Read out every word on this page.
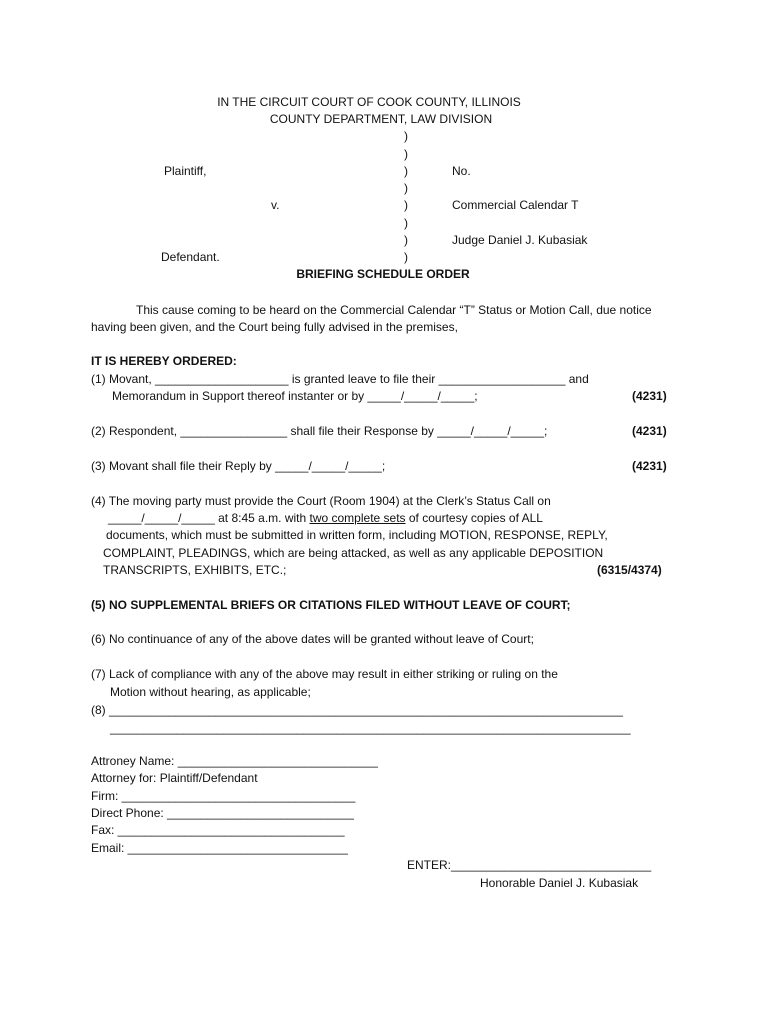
IN THE CIRCUIT COURT OF COOK COUNTY, ILLINOIS
COUNTY DEPARTMENT, LAW DIVISION
)
)
)
)
)
)
)
)
Plaintiff,
v.
Defendant.
No.
Commercial Calendar T
Judge Daniel J. Kubasiak
BRIEFING SCHEDULE ORDER
This cause coming to be heard on the Commercial Calendar “T” Status or Motion Call, due notice
having been given, and the Court being fully advised in the premises,
IT IS HEREBY ORDERED:
(1) Movant, ____________________ is granted leave to file their ___________________ and
Memorandum in Support thereof instanter or by _____/_____/_____;	(4231)
(2) Respondent, ________________ shall file their Response by _____/_____/_____;	(4231)
(3) Movant shall file their Reply by _____/_____/_____;	(4231)
(4) The moving party must provide the Court (Room 1904) at the Clerk’s Status Call on
_____/_____/_____ at 8:45 a.m. with two complete sets of courtesy copies of ALL
documents, which must be submitted in written form, including MOTION, RESPONSE, REPLY,
COMPLAINT, PLEADINGS, which are being attacked, as well as any applicable DEPOSITION
TRANSCRIPTS, EXHIBITS, ETC.;	(6315/4374)
(5) NO SUPPLEMENTAL BRIEFS OR CITATIONS FILED WITHOUT LEAVE OF COURT;
(6) No continuance of any of the above dates will be granted without leave of Court;
(7) Lack of compliance with any of the above may result in either striking or ruling on the
Motion without hearing, as applicable;
(8) _____________________________________________________________________________
______________________________________________________________________________
Attroney Name: ______________________________
Attorney for: Plaintiff/Defendant
Firm: ___________________________________
Direct Phone: ____________________________
Fax: __________________________________
Email: _________________________________
ENTER:______________________________
Honorable Daniel J. Kubasiak
